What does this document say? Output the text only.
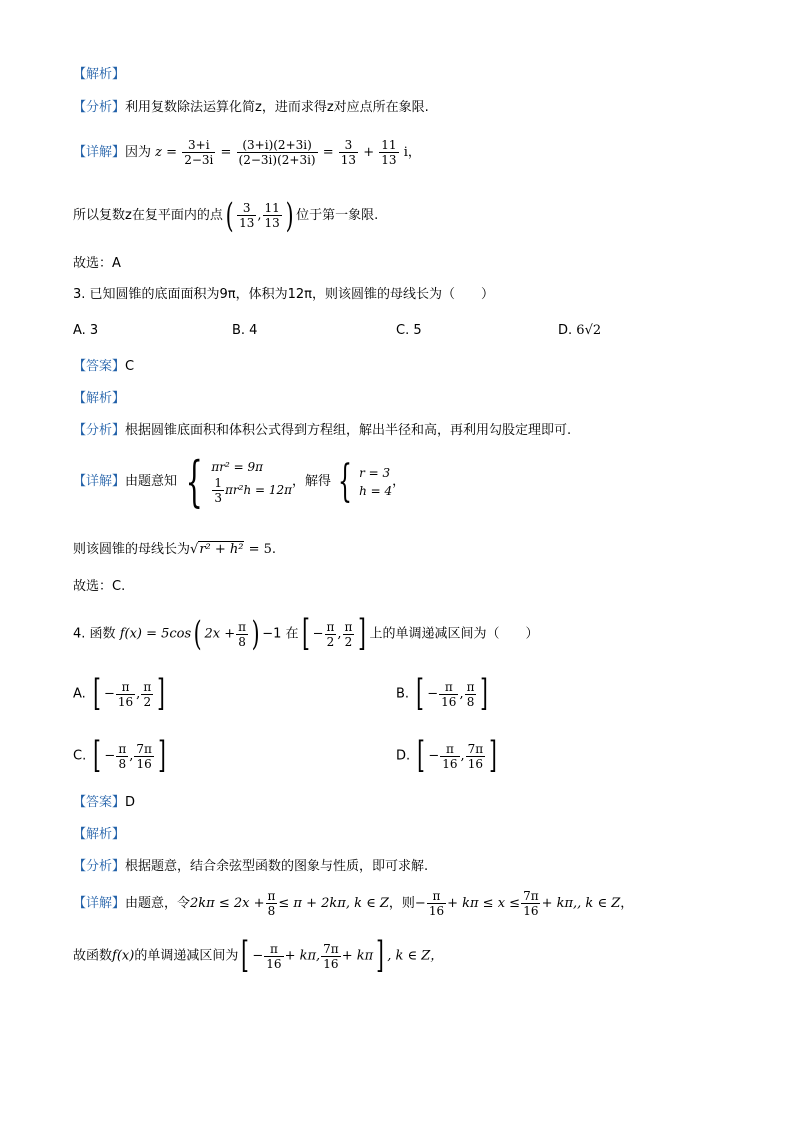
【解析】
【分析】利用复数除法运算化简z，进而求得z对应点所在象限.
【详解】因为 $z = \frac{3+i}{2-3i} = \frac{(3+i)(2+3i)}{(2-3i)(2+3i)} = \frac{3}{13} + \frac{11}{13}$ i，
所以复数z在复平面内的点( $\frac{3}{13}$ , $\frac{11}{13}$ ) 位于第一象限.
故选：A
3. 已知圆锥的底面面积为9π，体积为12π，则该圆锥的母线长为（　　）
A. 3	B. 4	C. 5	D. 6√2
【答案】C
【解析】
【分析】根据圆锥底面积和体积公式得到方程组，解出半径和高，再利用勾股定理即可.
【详解】由题意知 { πr² = 9π
$\frac{1}{3} \pi r^2h = 12\pi$
，解得 { r = 3
h = 4
，
则该圆锥的母线长为√r² + h² = 5.
故选：C.
4. 函数 f(x) = 5cos( $2x + \frac{\pi}{8}$ ) −1 在[ − $\frac{\pi}{2}$ , $\frac{\pi}{2}$ ] 上的单调递减区间为（　　）
A. [ − $\frac{\pi}{16}$ , $\frac{\pi}{2}$ ]	B. [ − $\frac{\pi}{16}$ , $\frac{\pi}{8}$ ]
C. [ − $\frac{\pi}{8}$ , $\frac{7\pi}{16}$ ]	D. [ − $\frac{\pi}{16}$ , $\frac{7\pi}{16}$ ]
【答案】D
【解析】
【分析】根据题意，结合余弦型函数的图象与性质，即可求解.
【详解】由题意，令$2k\pi \le 2x + \frac{\pi}{8} \le \pi + 2k\pi$, k ∈ Z，则− $\frac{\pi}{16} + k\pi \le x \le \frac{7\pi}{16} + k\pi$,, k ∈ Z，
故函数f(x)的单调递减区间为[ − $\frac{\pi}{16} + k\pi$, $\frac{7\pi}{16} + k\pi$] , k ∈ Z，
